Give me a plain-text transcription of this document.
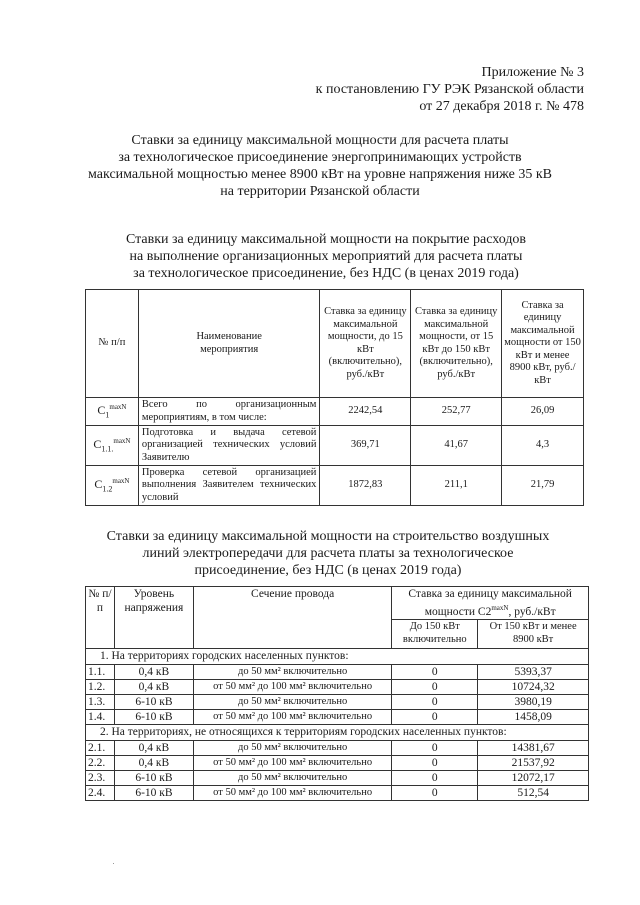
Приложение № 3
к постановлению ГУ РЭК Рязанской области
от 27 декабря 2018 г. № 478
Ставки за единицу максимальной мощности для расчета платы
за технологическое присоединение энергопринимающих устройств
максимальной мощностью менее 8900 кВт на уровне напряжения ниже 35 кВ
на территории Рязанской области
Ставки за единицу максимальной мощности на покрытие расходов
на выполнение организационных мероприятий для расчета платы
за технологическое присоединение, без НДС (в ценах 2019 года)
№ п/п	Наименование мероприятия	Ставка за единицу максимальной мощности, до 15 кВт (включительно), руб./кВт	Ставка за единицу максимальной мощности, от 15 кВт до 150 кВт (включительно), руб./кВт	Ставка за единицу максимальной мощности от 150 кВт и менее 8900 кВт, руб./кВт
$C_1^{maxN}$	Всего по организационным мероприятиям, в том числе:	2242,54	252,77	26,09
$C_{1.1.}^{maxN}$	Подготовка и выдача сетевой организацией технических условий Заявителю	369,71	41,67	4,3
$C_{1.2}^{maxN}$	Проверка сетевой организацией выполнения Заявителем технических условий	1872,83	211,1	21,79
Ставки за единицу максимальной мощности на строительство воздушных
линий электропередачи для расчета платы за технологическое
присоединение, без НДС (в ценах 2019 года)
№ п/п	Уровень напряжения	Сечение провода	Ставка за единицу максимальной мощности $С2^{maxN}$, руб./кВт	
			До 150 кВт включительно	От 150 кВт и менее 8900 кВт
1. На территориях городских населенных пунктов:				
1.1.	0,4 кВ	до 50 мм² включительно	0	5393,37
1.2.	0,4 кВ	от 50 мм² до 100 мм² включительно	0	10724,32
1.3.	6-10 кВ	до 50 мм² включительно	0	3980,19
1.4.	6-10 кВ	от 50 мм² до 100 мм² включительно	0	1458,09
2. На территориях, не относящихся к территориям городских населенных пунктов:				
2.1.	0,4 кВ	до 50 мм² включительно	0	14381,67
2.2.	0,4 кВ	от 50 мм² до 100 мм² включительно	0	21537,92
2.3.	6-10 кВ	до 50 мм² включительно	0	12072,17
2.4.	6-10 кВ	от 50 мм² до 100 мм² включительно	0	512,54
